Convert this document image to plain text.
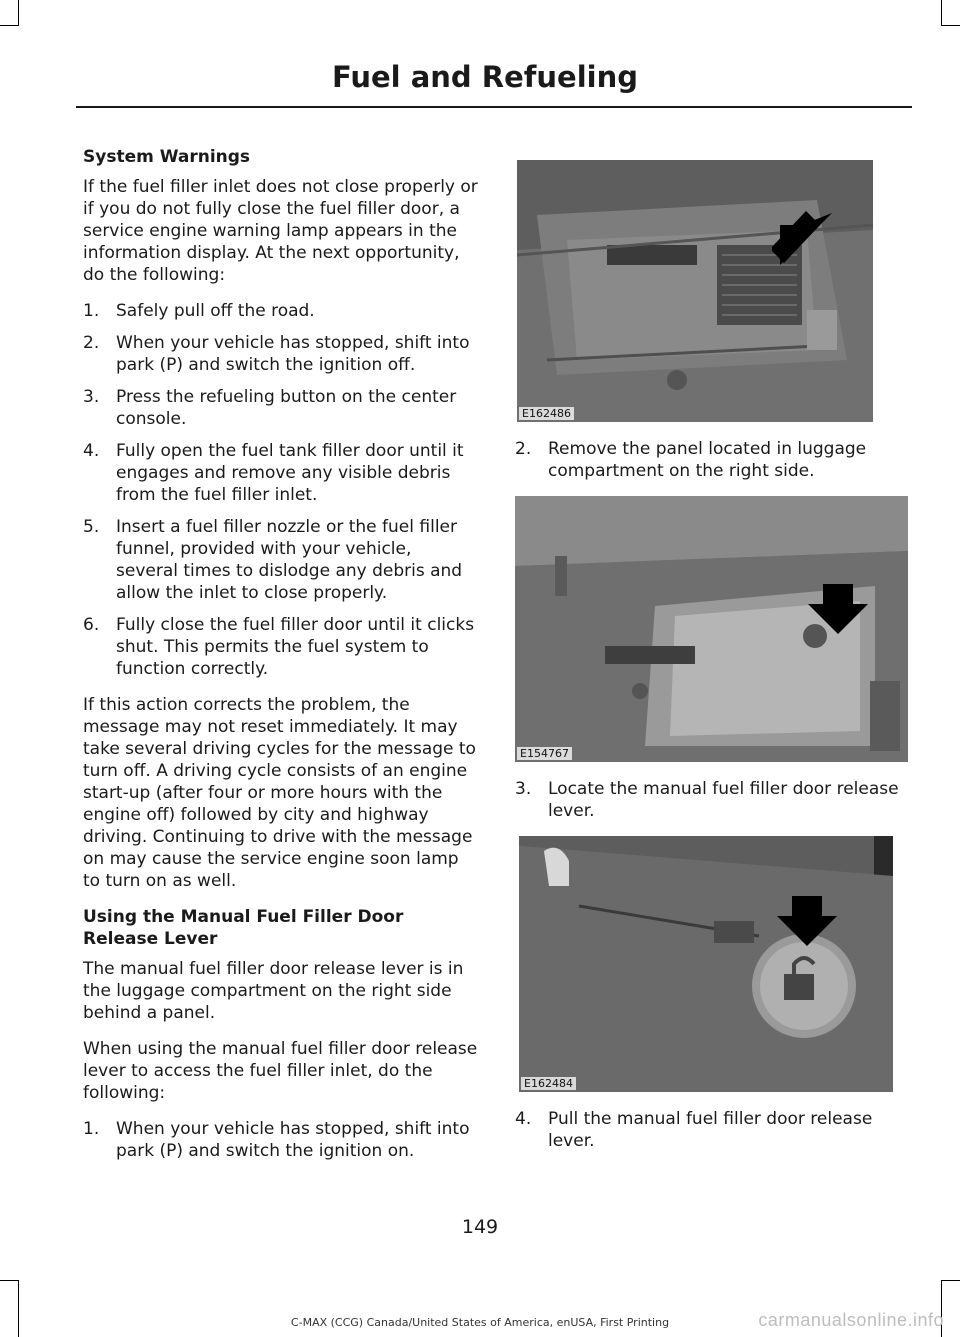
Fuel and Refueling
System Warnings

If the fuel filler inlet does not close properly or if you do not fully close the fuel filler door, a service engine warning lamp appears in the information display. At the next opportunity, do the following:

1. Safely pull off the road.
2. When your vehicle has stopped, shift into park (P) and switch the ignition off.
3. Press the refueling button on the center console.
4. Fully open the fuel tank filler door until it engages and remove any visible debris from the fuel filler inlet.
5. Insert a fuel filler nozzle or the fuel filler funnel, provided with your vehicle, several times to dislodge any debris and allow the inlet to close properly.
6. Fully close the fuel filler door until it clicks shut. This permits the fuel system to function correctly.

If this action corrects the problem, the message may not reset immediately. It may take several driving cycles for the message to turn off. A driving cycle consists of an engine start-up (after four or more hours with the engine off) followed by city and highway driving. Continuing to drive with the message on may cause the service engine soon lamp to turn on as well.

Using the Manual Fuel Filler Door Release Lever

The manual fuel filler door release lever is in the luggage compartment on the right side behind a panel.

When using the manual fuel filler door release lever to access the fuel filler inlet, do the following:

1. When your vehicle has stopped, shift into park (P) and switch the ignition on.
E162486
2. Remove the panel located in luggage compartment on the right side.
E154767
3. Locate the manual fuel filler door release lever.
E162484
4. Pull the manual fuel filler door release lever.
149
C-MAX (CCG) Canada/United States of America, enUSA, First Printing	carmanualsonline.info
